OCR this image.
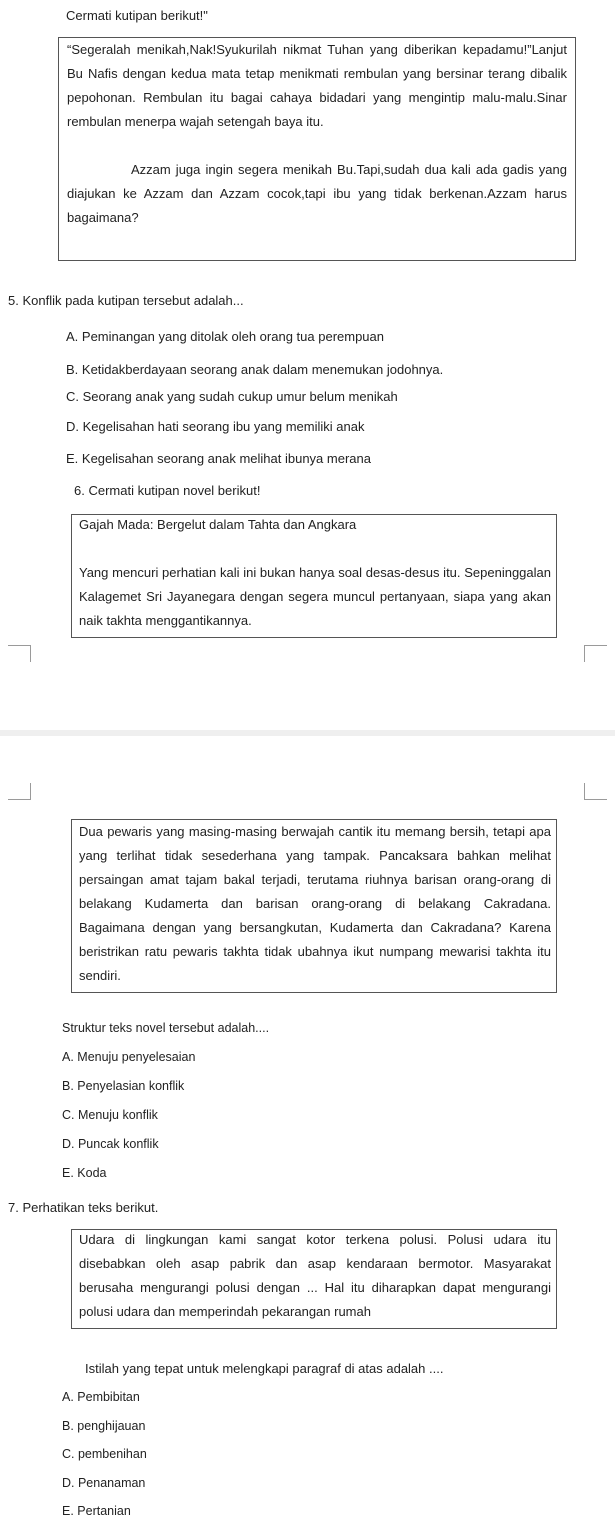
Cermati kutipan berikut!"

“Segeralah menikah,Nak!Syukurilah nikmat Tuhan yang diberikan kepadamu!”Lanjut Bu Nafis dengan kedua mata tetap menikmati rembulan yang bersinar terang dibalik pepohonan. Rembulan itu bagai cahaya bidadari yang mengintip malu-malu.Sinar rembulan menerpa wajah setengah baya itu.

Azzam juga ingin segera menikah Bu.Tapi,sudah dua kali ada gadis yang diajukan ke Azzam dan Azzam cocok,tapi ibu yang tidak berkenan.Azzam harus bagaimana?

5. Konflik pada kutipan tersebut adalah...
A. Peminangan yang ditolak oleh orang tua perempuan
B. Ketidakberdayaan seorang anak dalam menemukan jodohnya.
C. Seorang anak yang sudah cukup umur belum menikah
D. Kegelisahan hati seorang ibu yang memiliki anak
E. Kegelisahan seorang anak melihat ibunya merana
6. Cermati kutipan novel berikut!

Gajah Mada: Bergelut dalam Tahta dan Angkara

Yang mencuri perhatian kali ini bukan hanya soal desas-desus itu. Sepeninggalan Kalagemet Sri Jayanegara dengan segera muncul pertanyaan, siapa yang akan naik takhta menggantikannya.

Dua pewaris yang masing-masing berwajah cantik itu memang bersih, tetapi apa yang terlihat tidak sesederhana yang tampak. Pancaksara bahkan melihat persaingan amat tajam bakal terjadi, terutama riuhnya barisan orang-orang di belakang Kudamerta dan barisan orang-orang di belakang Cakradana. Bagaimana dengan yang bersangkutan, Kudamerta dan Cakradana? Karena beristrikan ratu pewaris takhta tidak ubahnya ikut numpang mewarisi takhta itu sendiri.

Struktur teks novel tersebut adalah....
A. Menuju penyelesaian
B. Penyelasian konflik
C. Menuju konflik
D. Puncak konflik
E. Koda
7. Perhatikan teks berikut.

Udara di lingkungan kami sangat kotor terkena polusi. Polusi udara itu disebabkan oleh asap pabrik dan asap kendaraan bermotor. Masyarakat berusaha mengurangi polusi dengan ... Hal itu diharapkan dapat mengurangi polusi udara dan memperindah pekarangan rumah

Istilah yang tepat untuk melengkapi paragraf di atas adalah ....
A. Pembibitan
B. penghijauan
C. pembenihan
D. Penanaman
E. Pertanian
